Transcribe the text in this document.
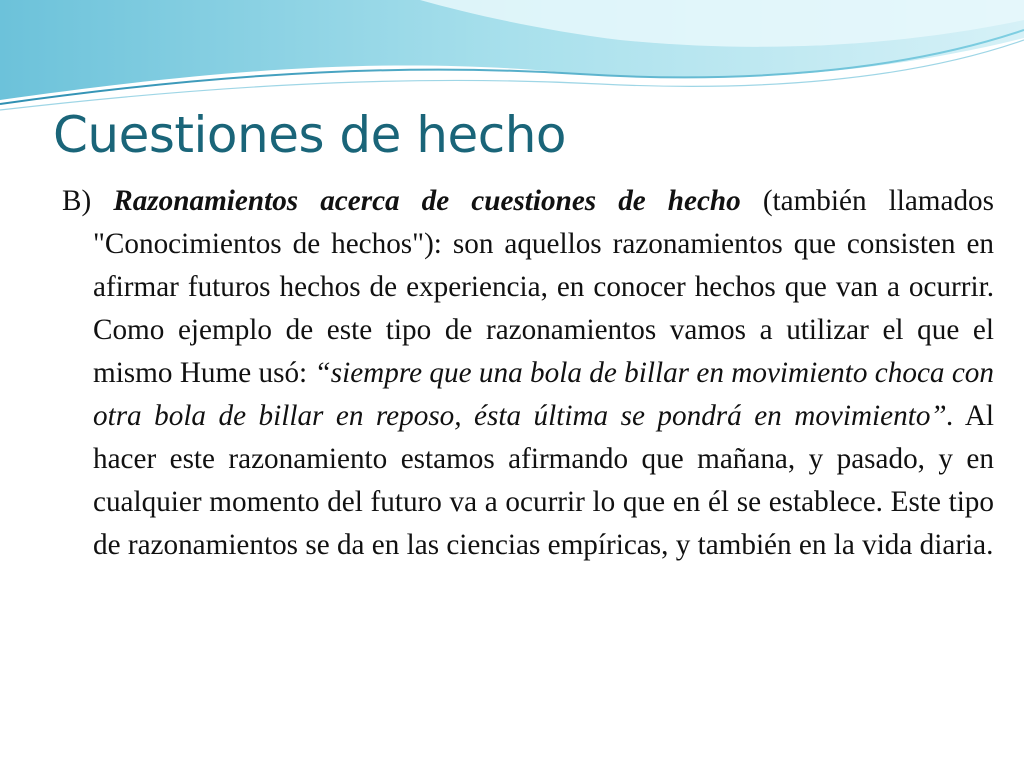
Cuestiones de hecho

B) Razonamientos acerca de cuestiones de hecho (también llamados "Conocimientos de hechos"): son aquellos razonamientos que consisten en afirmar futuros hechos de experiencia, en conocer hechos que van a ocurrir. Como ejemplo de este tipo de razonamientos vamos a utilizar el que el mismo Hume usó: “siempre que una bola de billar en movimiento choca con otra bola de billar en reposo, ésta última se pondrá en movimiento”. Al hacer este razonamiento estamos afirmando que mañana, y pasado, y en cualquier momento del futuro va a ocurrir lo que en él se establece. Este tipo de razonamientos se da en las ciencias empíricas, y también en la vida diaria.
